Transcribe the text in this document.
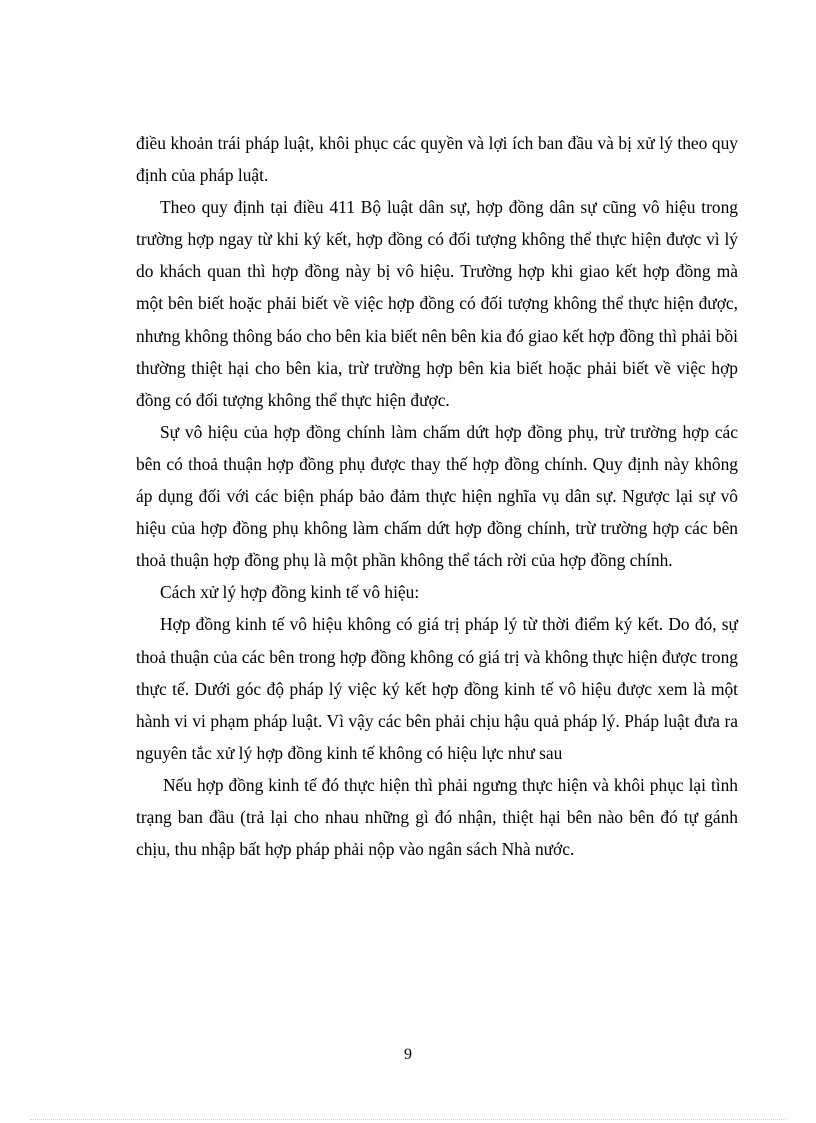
điều khoản trái pháp luật, khôi phục các quyền và lợi ích ban đầu và bị xử lý theo quy định của pháp luật.

Theo quy định tại điều 411 Bộ luật dân sự, hợp đồng dân sự cũng vô hiệu trong trường hợp ngay từ khi ký kết, hợp đồng có đối tượng không thể thực hiện được vì lý do khách quan thì hợp đồng này bị vô hiệu. Trường hợp khi giao kết hợp đồng mà một bên biết hoặc phải biết về việc hợp đồng có đối tượng không thể thực hiện được, nhưng không thông báo cho bên kia biết nên bên kia đó giao kết hợp đồng thì phải bồi thường thiệt hại cho bên kia, trừ trường hợp bên kia biết hoặc phải biết về việc hợp đồng có đối tượng không thể thực hiện được.

Sự vô hiệu của hợp đồng chính làm chấm dứt hợp đồng phụ, trừ trường hợp các bên có thoả thuận hợp đồng phụ được thay thế hợp đồng chính. Quy định này không áp dụng đối với các biện pháp bảo đảm thực hiện nghĩa vụ dân sự. Ngược lại sự vô hiệu của hợp đồng phụ không làm chấm dứt hợp đồng chính, trừ trường hợp các bên thoả thuận hợp đồng phụ là một phần không thể tách rời của hợp đồng chính.

Cách xử lý hợp đồng kinh tế vô hiệu:

Hợp đồng kinh tế vô hiệu không có giá trị pháp lý từ thời điểm ký kết. Do đó, sự thoả thuận của các bên trong hợp đồng không có giá trị và không thực hiện được trong thực tế. Dưới góc độ pháp lý việc ký kết hợp đồng kinh tế vô hiệu được xem là một hành vi vi phạm pháp luật. Vì vậy các bên phải chịu hậu quả pháp lý. Pháp luật đưa ra nguyên tắc xử lý hợp đồng kinh tế không có hiệu lực như sau

Nếu hợp đồng kinh tế đó thực hiện thì phải ngưng thực hiện và khôi phục lại tình trạng ban đầu (trả lại cho nhau những gì đó nhận, thiệt hại bên nào bên đó tự gánh chịu, thu nhập bất hợp pháp phải nộp vào ngân sách Nhà nước.

9
